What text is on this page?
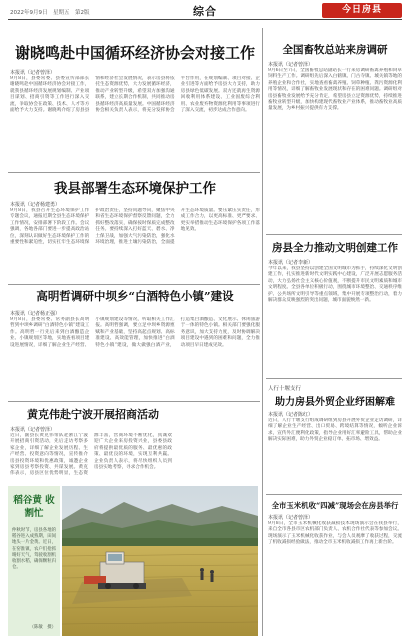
2022年9月9日　星期五　第2版	综合	今日房县
谢晓鸣赴中国循环经济协会对接工作
本报讯（记者曾泽）
9月8日，县委常委、县委宣传部部长谢晓鸣赴中国循环经济协会对接工作，就我县循环经济发展规划编制、产业项目谋划、招商引资等工作进行深入交流，争取协会在政策、技术、人才等方面给予大力支持。谢晓鸣介绍了房县县情和经济社会发展情况，表示房县将依托生态资源优势，大力发展循环经济，推动产业转型升级，希望双方加强沟通联系，建立长期合作机制，共同推动房县循环经济高质量发展。中国循环经济协会相关负责人表示，将充分发挥协会平台作用，在规划编制、项目对接、企业引进等方面给予房县大力支持，助力房县绿色低碳发展。双方还就再生资源回收利用体系建设、工业固废综合利用、农业废弃物资源化利用等事项进行了深入交流，初步达成合作意向。
我县部署生态环境保护工作
本报讯（记者杨建勇）
9月8日，我县召开生态环境保护工作专题会议，通报近期全县生态环境保护工作情况，安排部署下阶段工作。会议强调，各地各部门要进一步提高政治站位，深刻认识做好生态环境保护工作的重要性和紧迫性，切实扛牢生态环境保护政治责任，坚持问题导向，聚焦中央和省生态环境保护督察反馈问题，全力抓好整改落实，确保按时保质完成整改任务。要持续深入打好蓝天、碧水、净土保卫战，加强大气污染防治，强化水环境治理，推进土壤污染防治，全面提升生态环境质量。要压紧压实责任，形成工作合力，以更高标准、更严要求、更实举措推动生态环境保护各项工作落地见效。
高明哲调研中坝乡“白酒特色小镇”建设
本报讯（记者杨正强）
9月8日，县委常委、常务副县长高明哲到中坝乡调研“白酒特色小镇”建设工作。高明哲一行先后来到白酒酿造企业、小镇规划区等地，实地查看项目建设进展情况，详细了解企业生产经营、小镇规划建设等情况，听取相关工作汇报。高明哲强调，要立足中坝乡资源禀赋和产业基础，坚持高起点规划、高标准建设、高效能管理，加快推进“白酒特色小镇”建设，做大做强白酒产业，打造集白酒酿造、文化展示、休闲旅游于一体的特色小镇。相关部门要强化服务意识，加大支持力度，及时协调解决项目建设中遇到的困难和问题，全力推动项目早日建成见效。
黄克伟赴宁波开展招商活动
本报讯（记者曾泽）
近日，副县长黄克伟带队赴浙江宁波开展招商引资活动，先后走访考察多家企业，详细了解企业发展历程、生产经营、投资意向等情况，宣传推介房县投资环境和优惠政策，诚邀企业家到房县考察投资、共谋发展。黄克伟表示，房县区位优势明显，生态资源丰富，营商环境不断优化，真诚欢迎广大企业来房投资兴业，县委县政府将提供最优质的服务、最优惠的政策、最优良的环境，实现互利共赢。企业负责人表示，将尽快组织人员到房县实地考察，寻求合作机会。
稻谷黄 收割忙
仲秋时节，房县各地的稻谷进入成熟期，田间地头一片金黄。近日，在窑淮镇，农户们抢抓晴好天气，驾驶收割机收割水稻，确保颗粒归仓。
（陈敏　摄）
全国畜牧总站来房调研
本报讯（记者曾泽）
9月6日至7日，全国畜牧总站副站长一行来房调研畜禽养殖和饲草饲料生产工作。调研组先后深入白鹤镇、门古寺镇、城关镇等地的养殖企业和合作社，实地查看畜禽养殖、饲草种植、粪污资源化利用等情况，详细了解畜牧业发展现状和存在的困难问题。调研组对房县畜牧业发展给予充分肯定，希望房县立足资源优势，持续推进畜牧业转型升级，加快构建现代畜牧业产业体系，推动畜牧业高质量发展，为乡村振兴提供有力支撑。
房县全力推动文明创建工作
本报讯（记者李新）
今年以来，我县坚持以创建全国文明城市为抓手，持续深化文明创建工作，扎实推进新时代文明实践中心建设，广泛开展志愿服务活动，大力弘扬社会主义核心价值观，不断提升市民文明素质和城市文明程度。全县各单位积极行动，围绕城市环境整治、交通秩序维护、公共场所文明引导等重点领域，集中开展专项整治行动，着力解决群众反映强烈的突出问题，城市面貌焕然一新。
人行十堰支行
助力房县外贸企业纾困解难
本报讯（记者陈红）
近日，人行十堰支行组成调研组到房县开展外贸企业走访调研，详细了解企业生产经营、出口贸易、跨境结算等情况，倾听企业诉求，宣传外汇便利化政策，指导企业用好汇率避险工具，帮助企业解决实际困难，助力外贸企业稳订单、拓市场、增效益。
全市玉米机收“四减”现场会在房县举行
本报讯（记者曾泽）
9月8日，全市玉米机械化收获减损技术现场演示会在我县举行，来自全市各县市区农机部门负责人、农机合作社代表等参加会议。现场演示了玉米机械化收获作业，与会人员观摩了收获过程，交流了机收减损经验做法，推动全市玉米机收减损工作再上新台阶。
